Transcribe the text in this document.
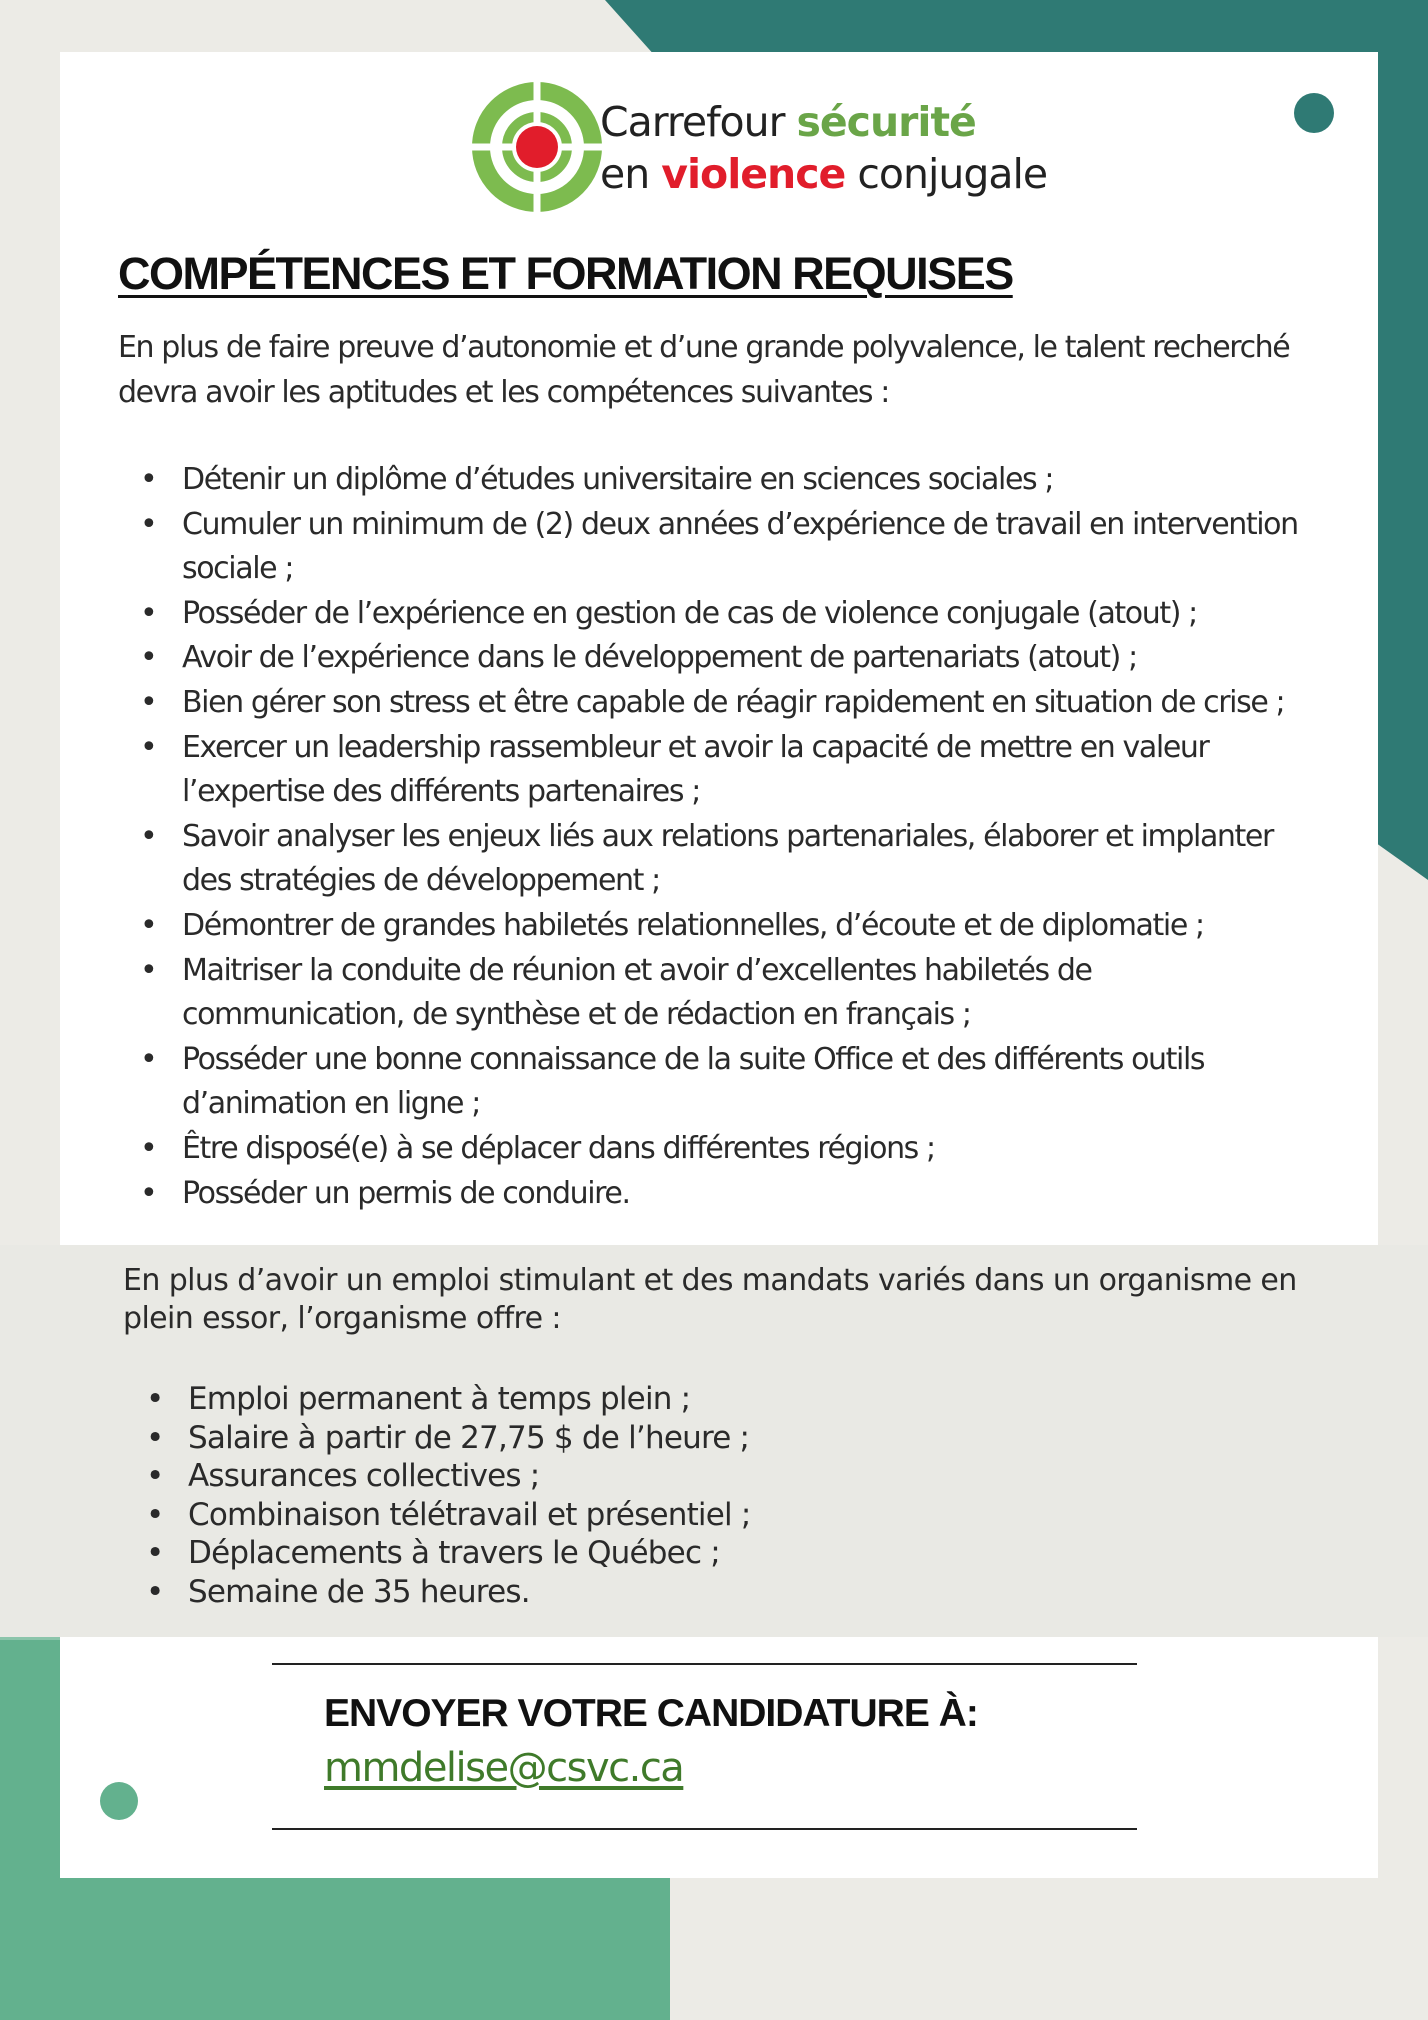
Carrefour sécurité
en violence conjugale
COMPÉTENCES ET FORMATION REQUISES

En plus de faire preuve d’autonomie et d’une grande polyvalence, le talent recherché devra avoir les aptitudes et les compétences suivantes :

• Détenir un diplôme d’études universitaire en sciences sociales ;
• Cumuler un minimum de (2) deux années d’expérience de travail en intervention sociale ;
• Posséder de l’expérience en gestion de cas de violence conjugale (atout) ;
• Avoir de l’expérience dans le développement de partenariats (atout) ;
• Bien gérer son stress et être capable de réagir rapidement en situation de crise ;
• Exercer un leadership rassembleur et avoir la capacité de mettre en valeur l’expertise des différents partenaires ;
• Savoir analyser les enjeux liés aux relations partenariales, élaborer et implanter des stratégies de développement ;
• Démontrer de grandes habiletés relationnelles, d’écoute et de diplomatie ;
• Maitriser la conduite de réunion et avoir d’excellentes habiletés de communication, de synthèse et de rédaction en français ;
• Posséder une bonne connaissance de la suite Office et des différents outils d’animation en ligne ;
• Être disposé(e) à se déplacer dans différentes régions ;
• Posséder un permis de conduire.

En plus d’avoir un emploi stimulant et des mandats variés dans un organisme en plein essor, l’organisme offre :

• Emploi permanent à temps plein ;
• Salaire à partir de 27,75 $ de l’heure ;
• Assurances collectives ;
• Combinaison télétravail et présentiel ;
• Déplacements à travers le Québec ;
• Semaine de 35 heures.
ENVOYER VOTRE CANDIDATURE À:
mmdelise@csvc.ca
